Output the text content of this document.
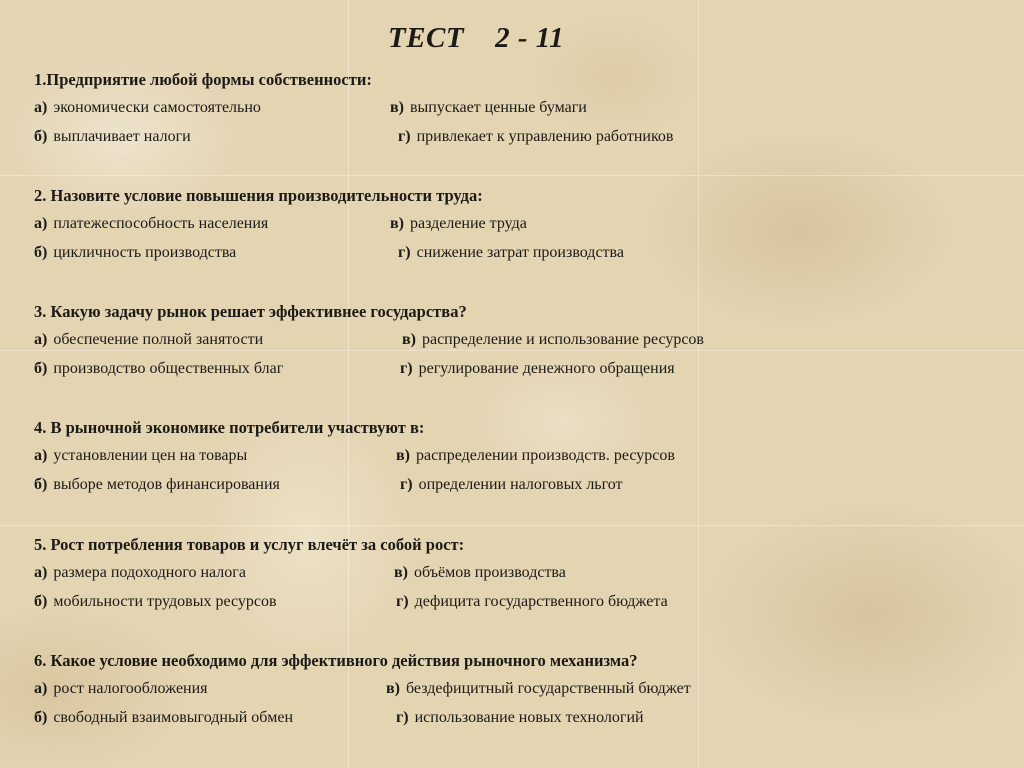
ТЕСТ    2 - 11
1.Предприятие любой формы собственности:
а) экономически самостоятельно	в) выпускает ценные бумаги
б) выплачивает налоги	г) привлекает к управлению работников
2. Назовите условие повышения производительности труда:
а) платежеспособность населения	в) разделение труда
б) цикличность производства	г) снижение затрат производства
3. Какую задачу рынок решает эффективнее государства?
а) обеспечение полной занятости	в) распределение и использование ресурсов
б) производство общественных благ	г) регулирование денежного обращения
4. В рыночной экономике потребители участвуют в:
а) установлении цен на товары	в) распределении производств. ресурсов
б) выборе методов финансирования	г) определении налоговых льгот
5. Рост потребления товаров и услуг влечёт за собой рост:
а) размера подоходного налога	в) объёмов производства
б) мобильности трудовых ресурсов	г) дефицита государственного бюджета
6. Какое условие необходимо для эффективного действия рыночного механизма?
а) рост налогообложения	в) бездефицитный государственный бюджет
б) свободный взаимовыгодный обмен	г) использование новых технологий
